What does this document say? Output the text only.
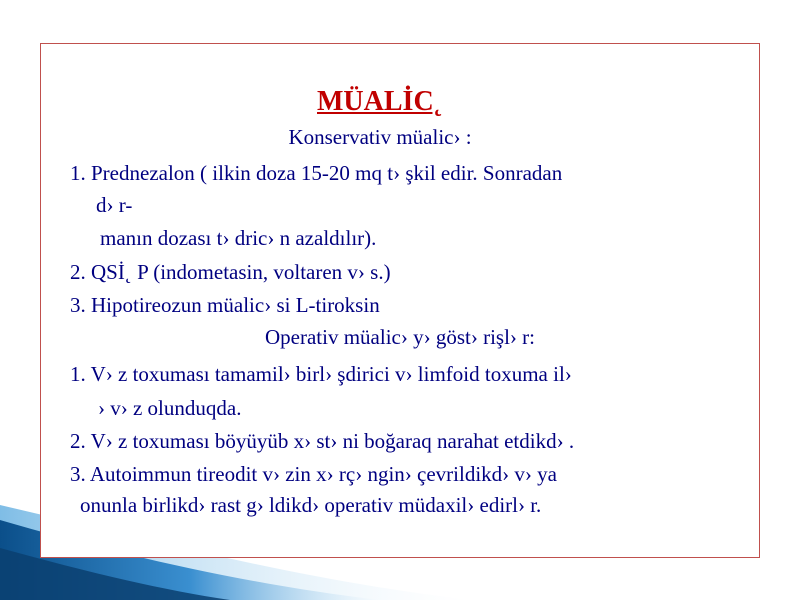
MÜALİC˛
Konservativ müalic› :
1. Prednezalon ( ilkin doza 15-20 mq t› şkil edir. Sonradan
d› r-
manın dozası t› dric› n azaldılır).
2. QSİ˛ P (indometasin, voltaren v› s.)
3. Hipotireozun müalic› si L-tiroksin
Operativ müalic› y› göst› rişl› r:
1. V› z toxuması tamamil› birl› şdirici v› limfoid toxuma il›
› v› z olunduqda.
2. V› z toxuması böyüyüb x› st› ni boğaraq narahat etdikd› .
3. Autoimmun tireodit v› zin x› rç› ngin› çevrildikd› v› ya
onunla birlikd› rast g› ldikd› operativ müdaxil› edirl› r.
